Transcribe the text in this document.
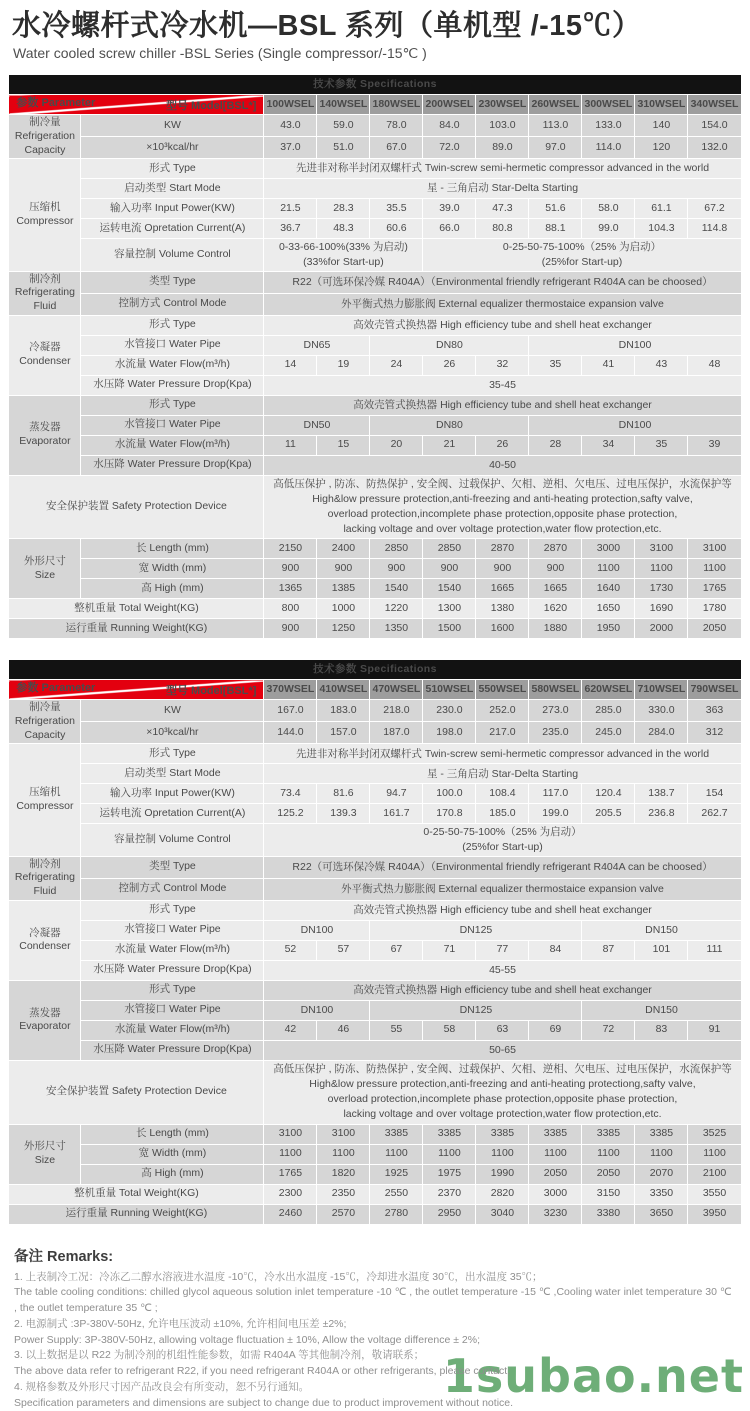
水冷螺杆式冷水机—BSL 系列（单机型 /-15℃）
Water cooled screw chiller -BSL Series (Single compressor/-15℃ )
技术参数 Specifications										

参数 Parameter 型号 Model[BSL*]		100WSEL	140WSEL	180WSEL	200WSEL	230WSEL	260WSEL	300WSEL	310WSEL	340WSEL

制冷量
Refrigeration Capacity	KW	43.0	59.0	78.0	84.0	103.0	113.0	133.0	140	154.0

	×10³kcal/hr	37.0	51.0	67.0	72.0	89.0	97.0	114.0	120	132.0

压缩机
Compressor	形式 Type	先进非对称半封闭双螺杆式 Twin-screw semi-hermetic compressor advanced in the world								

	启动类型 Start Mode	星 - 三角启动 Star-Delta Starting								

	输入功率 Input Power(KW)	21.5	28.3	35.5	39.0	47.3	51.6	58.0	61.1	67.2

	运转电流 Opretation Current(A)	36.7	48.3	60.6	66.0	80.8	88.1	99.0	104.3	114.8

容量控制 Volume Control

0-33-66-100%(33% 为启动)
(33%for Start-up)

0-25-50-75-100%（25% 为启动）
(25%for Start-up)

制冷剂
Refrigerating Fluid	类型 Type	R22（可选环保冷媒 R404A）（Environmental friendly refrigerant R404A can be choosed）								

	控制方式 Control Mode	外平衡式热力膨胀阀 External equalizer thermostaice expansion valve								

冷凝器
Condenser	形式 Type	高效壳管式换热器 High efficiency tube and shell heat exchanger								

	水管接口 Water Pipe	DN65		DN80			DN100			

	水流量 Water Flow(m³/h)	14	19	24	26	32	35	41	43	48

	水压降 Water Pressure Drop(Kpa)	35-45								

蒸发器
Evaporator	形式 Type	高效壳管式换热器 High efficiency tube and shell heat exchanger								

	水管接口 Water Pipe	DN50		DN80			DN100			

	水流量 Water Flow(m³/h)	11	15	20	21	26	28	34	35	39

	水压降 Water Pressure Drop(Kpa)	40-50								

安全保护装置 Safety Protection Device		高低压保护 , 防冻、防热保护 , 安全阀、过载保护、欠相、逆相、欠电压、过电压保护，水流保护等
High&low pressure protection,anti-freezing and anti-heating protection,safty valve,
overload protection,incomplete phase protection,opposite phase protection,
lacking voltage and over voltage protection,water flow protection,etc.								

外形尺寸
Size	长 Length (mm)	2150	2400	2850	2850	2870	2870	3000	3100	3100

	宽 Width (mm)	900	900	900	900	900	900	1100	1100	1100

	高 High (mm)	1365	1385	1540	1540	1665	1665	1640	1730	1765

整机重量 Total Weight(KG)		800	1000	1220	1300	1380	1620	1650	1690	1780

运行重量 Running Weight(KG)		900	1250	1350	1500	1600	1880	1950	2000	2050
技术参数 Specifications										

参数 Parameter 型号 Model[BSL*]		370WSEL	410WSEL	470WSEL	510WSEL	550WSEL	580WSEL	620WSEL	710WSEL	790WSEL

制冷量
Refrigeration Capacity	KW	167.0	183.0	218.0	230.0	252.0	273.0	285.0	330.0	363

	×10³kcal/hr	144.0	157.0	187.0	198.0	217.0	235.0	245.0	284.0	312

压缩机
Compressor	形式 Type	先进非对称半封闭双螺杆式 Twin-screw semi-hermetic compressor advanced in the world								

	启动类型 Start Mode	星 - 三角启动 Star-Delta Starting								

	输入功率 Input Power(KW)	73.4	81.6	94.7	100.0	108.4	117.0	120.4	138.7	154

	运转电流 Opretation Current(A)	125.2	139.3	161.7	170.8	185.0	199.0	205.5	236.8	262.7

	容量控制 Volume Control	0-25-50-75-100%（25% 为启动）
(25%for Start-up)								

制冷剂
Refrigerating Fluid	类型 Type	R22（可选环保冷媒 R404A）（Environmental friendly refrigerant R404A can be choosed）								

	控制方式 Control Mode	外平衡式热力膨胀阀 External equalizer thermostaice expansion valve								

冷凝器
Condenser	形式 Type	高效壳管式换热器 High efficiency tube and shell heat exchanger								

	水管接口 Water Pipe	DN100		DN125				DN150		

	水流量 Water Flow(m³/h)	52	57	67	71	77	84	87	101	111

	水压降 Water Pressure Drop(Kpa)	45-55								

蒸发器
Evaporator	形式 Type	高效壳管式换热器 High efficiency tube and shell heat exchanger								

	水管接口 Water Pipe	DN100		DN125				DN150		

	水流量 Water Flow(m³/h)	42	46	55	58	63	69	72	83	91

	水压降 Water Pressure Drop(Kpa)	50-65								

安全保护装置 Safety Protection Device		高低压保护 , 防冻、防热保护 , 安全阀、过载保护、欠相、逆相、欠电压、过电压保护，水流保护等
High&low pressure protection,anti-freezing and anti-heating protectiong,safty valve,
overload protection,incomplete phase protection,opposite phase protection,
lacking voltage and over voltage protection,water flow protection,etc.								

外形尺寸
Size	长 Length (mm)	3100	3100	3385	3385	3385	3385	3385	3385	3525

	宽 Width (mm)	1100	1100	1100	1100	1100	1100	1100	1100	1100

	高 High (mm)	1765	1820	1925	1975	1990	2050	2050	2070	2100

整机重量 Total Weight(KG)		2300	2350	2550	2370	2820	3000	3150	3350	3550

运行重量 Running Weight(KG)		2460	2570	2780	2950	3040	3230	3380	3650	3950
备注 Remarks:
1. 上表制冷工况：冷冻乙二醇水溶液进水温度 -10℃，冷水出水温度 -15℃，冷却进水温度 30℃，出水温度 35℃；
The table cooling conditions: chilled glycol aqueous solution inlet temperature -10 ℃ , the outlet temperature -15 ℃ ,Cooling water inlet temperature 30 ℃ , the outlet temperature 35 ℃ ;
2. 电源制式 :3P-380V-50Hz, 允许电压波动 ±10%, 允许相间电压差 ±2%;
Power Supply: 3P-380V-50Hz, allowing voltage fluctuation ± 10%, Allow the voltage difference ± 2%;
3. 以上数据是以 R22 为制冷剂的机组性能参数，如需 R404A 等其他制冷剂，敬请联系；
The above data refer to refrigerant R22, if you need refrigerant R404A or other refrigerants, please contact;
4. 规格参数及外形尺寸因产品改良会有所变动，恕不另行通知。
Specification parameters and dimensions are subject to change due to product improvement without notice.
1subao.net
